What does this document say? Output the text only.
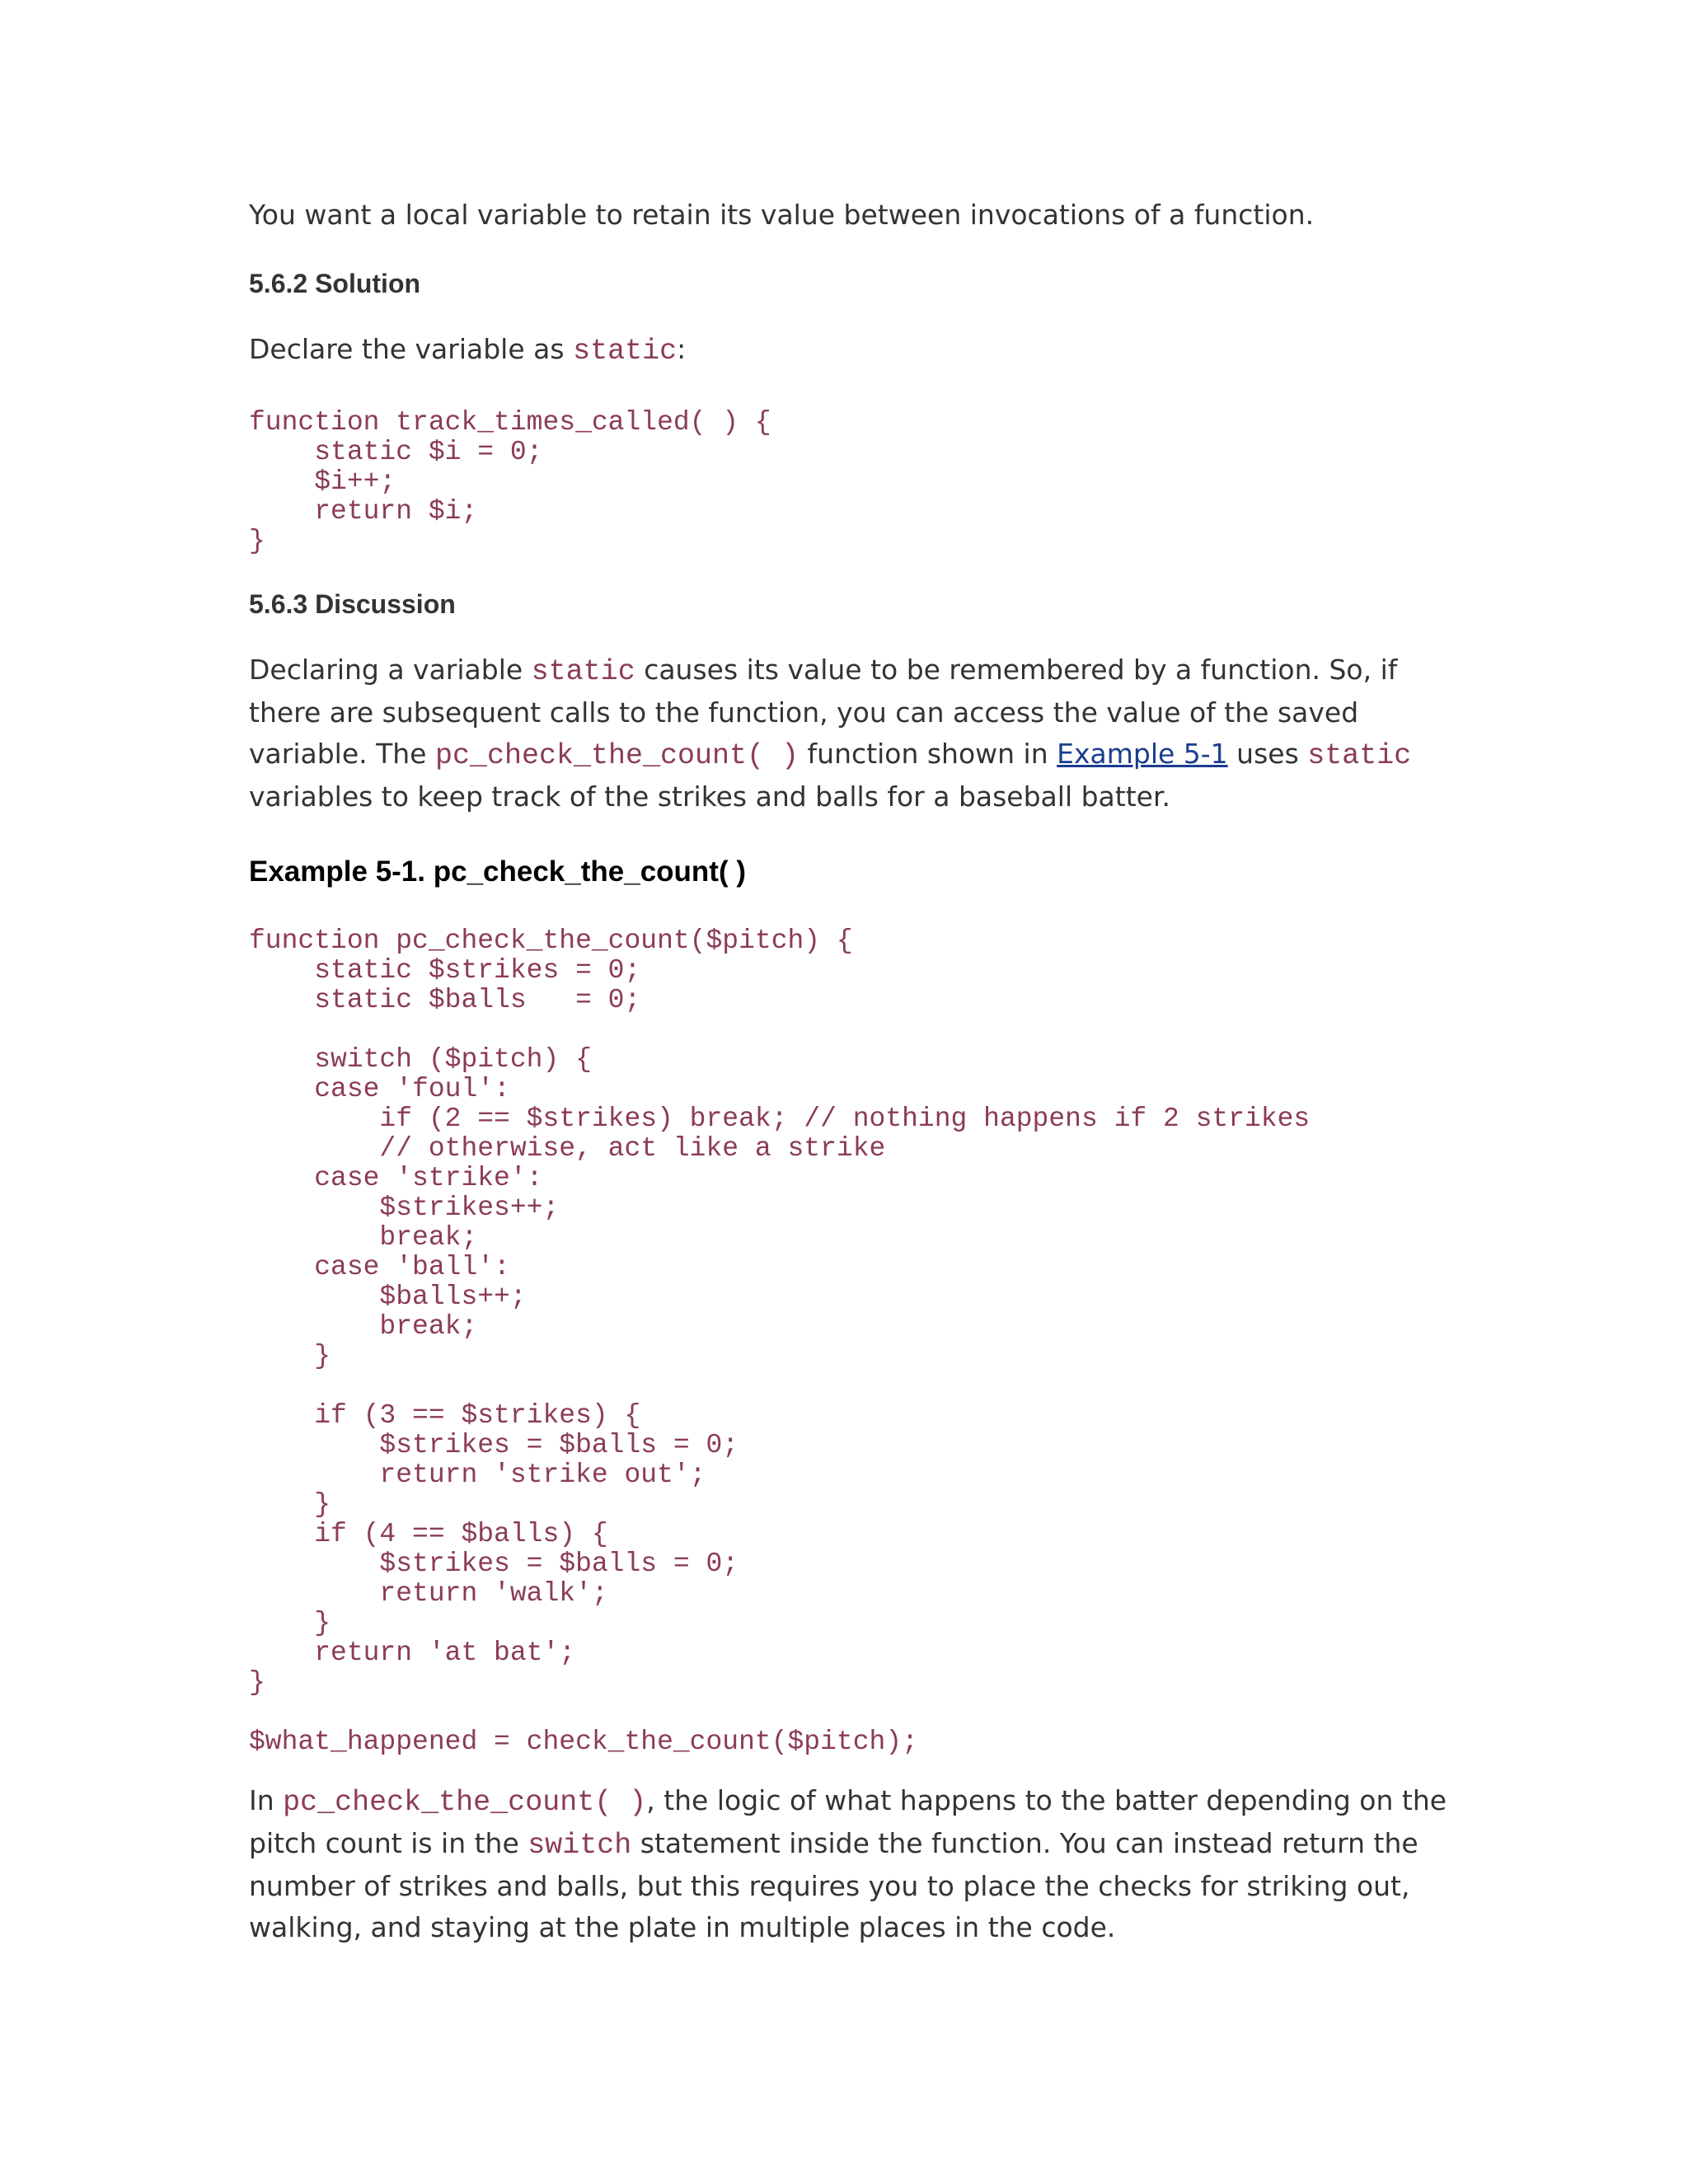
You want a local variable to retain its value between invocations of a function.

5.6.2 Solution

Declare the variable as static:

function track_times_called( ) {
static $i = 0;
$i++;
return $i;
}
5.6.3 Discussion

Declaring a variable static causes its value to be remembered by a function. So, if there are subsequent calls to the function, you can access the value of the saved variable. The pc_check_the_count( ) function shown in Example 5-1 uses static variables to keep track of the strikes and balls for a baseball batter.

Example 5-1. pc_check_the_count( )
function pc_check_the_count($pitch) {
static $strikes = 0;
static $balls   = 0;

switch ($pitch) {
case 'foul':
if (2 == $strikes) break; // nothing happens if 2 strikes
// otherwise, act like a strike
case 'strike':
$strikes++;
break;
case 'ball':
$balls++;
break;
}

if (3 == $strikes) {
$strikes = $balls = 0;
return 'strike out';
}
if (4 == $balls) {
$strikes = $balls = 0;
return 'walk';
}
return 'at bat';
}
$what_happened = check_the_count($pitch);

In pc_check_the_count( ), the logic of what happens to the batter depending on the pitch count is in the switch statement inside the function. You can instead return the number of strikes and balls, but this requires you to place the checks for striking out, walking, and staying at the plate in multiple places in the code.
